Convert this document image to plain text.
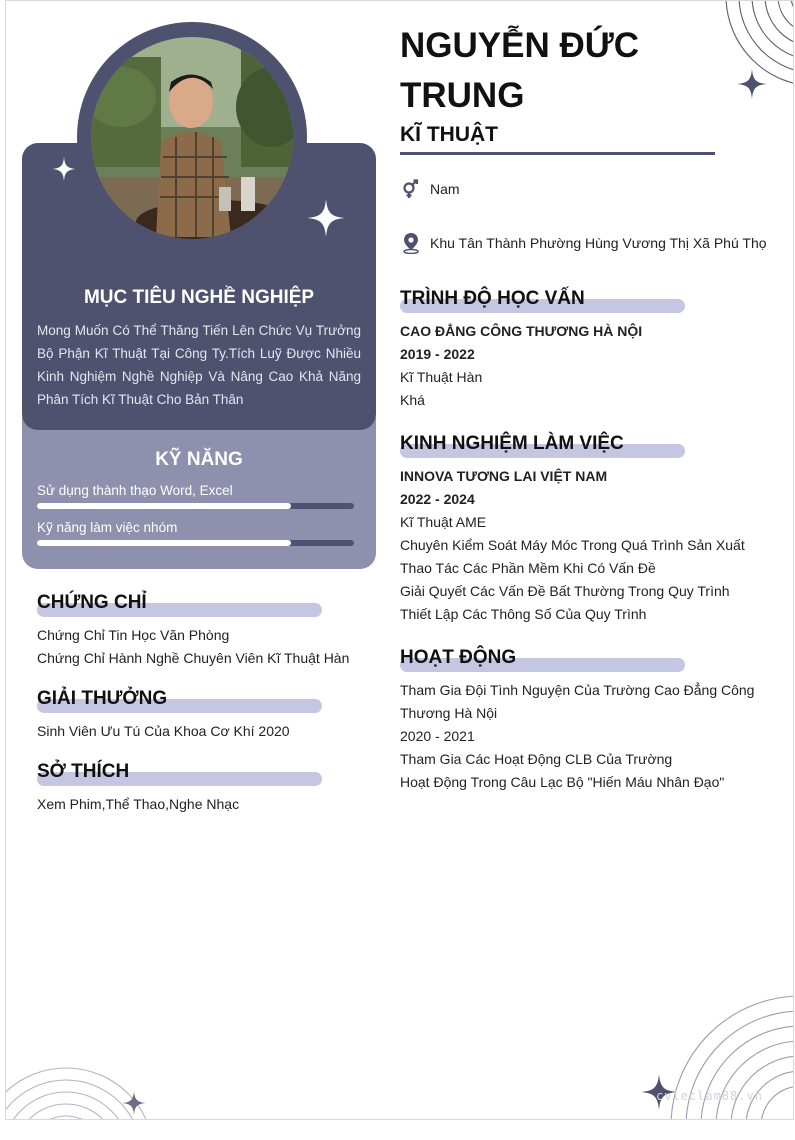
MỤC TIÊU NGHỀ NGHIỆP
Mong Muốn Có Thể Thăng Tiến Lên Chức Vụ Trưởng Bộ Phận Kĩ Thuật Tại Công Ty.Tích Luỹ Được Nhiều Kinh Nghiệm Nghề Nghiệp Và Nâng Cao Khả Năng Phân Tích Kĩ Thuật Cho Bản Thân
KỸ NĂNG
Sử dụng thành thạo Word, Excel
Kỹ năng làm việc nhóm
CHỨNG CHỈ
Chứng Chỉ Tin Học Văn Phòng
Chứng Chỉ Hành Nghề Chuyên Viên Kĩ Thuật Hàn
GIẢI THƯỞNG
Sinh Viên Ưu Tú Của Khoa Cơ Khí 2020
SỞ THÍCH
Xem Phim,Thể Thao,Nghe Nhạc
NGUYỄN ĐỨC TRUNG
KĨ THUẬT
Nam
Khu Tân Thành Phường Hùng Vương Thị Xã Phú Thọ
TRÌNH ĐỘ HỌC VẤN
CAO ĐẲNG CÔNG THƯƠNG HÀ NỘI
2019 - 2022
Kĩ Thuật Hàn
Khá
KINH NGHIỆM LÀM VIỆC
INNOVA TƯƠNG LAI VIỆT NAM
2022 - 2024
Kĩ Thuật AME
Chuyên Kiểm Soát Máy Móc Trong Quá Trình Sản Xuất
Thao Tác Các Phần Mềm Khi Có Vấn Đề
Giải Quyết Các Vấn Đề Bất Thường Trong Quy Trình
Thiết Lập Các Thông Số Của Quy Trình
HOẠT ĐỘNG
Tham Gia Đội Tình Nguyện Của Trường Cao Đẳng Công
Thương Hà Nội
2020 - 2021
Tham Gia Các Hoạt Động CLB Của Trường
Hoạt Động Trong Câu Lạc Bộ "Hiến Máu Nhân Đạo"
cvleclam88.vn
